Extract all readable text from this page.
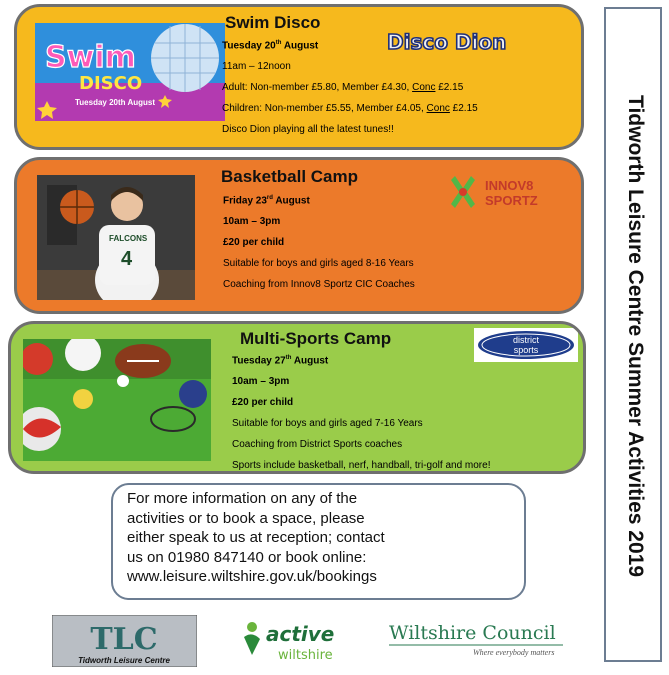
Swim
DISCO
Tuesday 20th August
Swim Disco
Tuesday 20th August
11am – 12noon
Adult: Non-member £5.80, Member £4.30, Conc £2.15
Children: Non-member £5.55, Member £4.05, Conc £2.15
Disco Dion playing all the latest tunes!!
Disco Dion
FALCONS
4
Basketball Camp
Friday 23rd August
10am – 3pm
£20 per child
Suitable for boys and girls aged 8-16 Years
Coaching from Innov8 Sportz CIC Coaches
INNOV8
SPORTZ
Multi-Sports Camp
Tuesday 27th August
10am – 3pm
£20 per child
Suitable for boys and girls aged 7-16 Years
Coaching from District Sports coaches
Sports include basketball, nerf, handball, tri-golf and more!
district
sports
For more information on any of the
activities or to book a space, please
either speak to us at reception; contact
us on 01980 847140 or book online:
www.leisure.wiltshire.gov.uk/bookings	Tidworth Leisure Centre Summer Activities 2019
TLC
Tidworth Leisure Centre
active
wiltshire
Wiltshire Council
Where everybody matters
